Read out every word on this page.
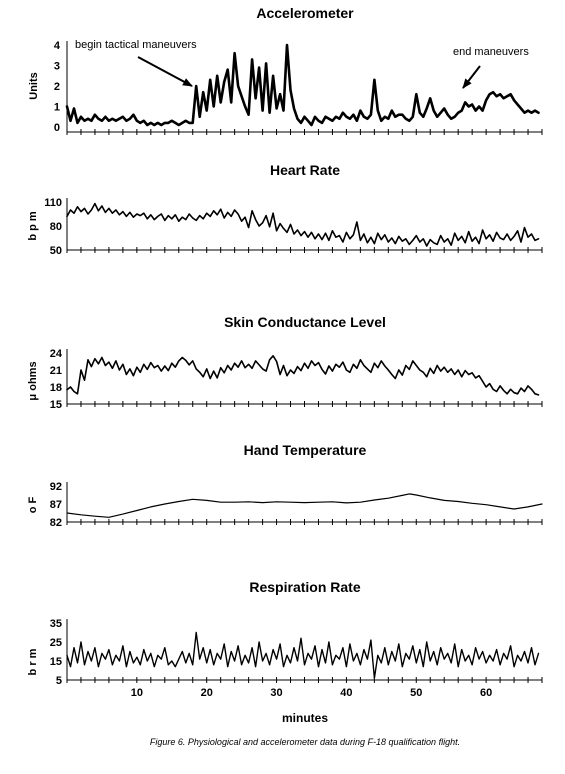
Accelerometer
Units
0
1
2
3
4 begin tactical maneuvers
end maneuvers
Heart Rate
b p m
50
80
110
Skin Conductance Level
μ ohms
15
18
21
24
Hand Temperature
o F
82
87
92
Respiration Rate
b r m
5
15
25
35
10	20	30	40	50	60
minutes
Figure 6. Physiological and accelerometer data during F-18 qualification flight.
